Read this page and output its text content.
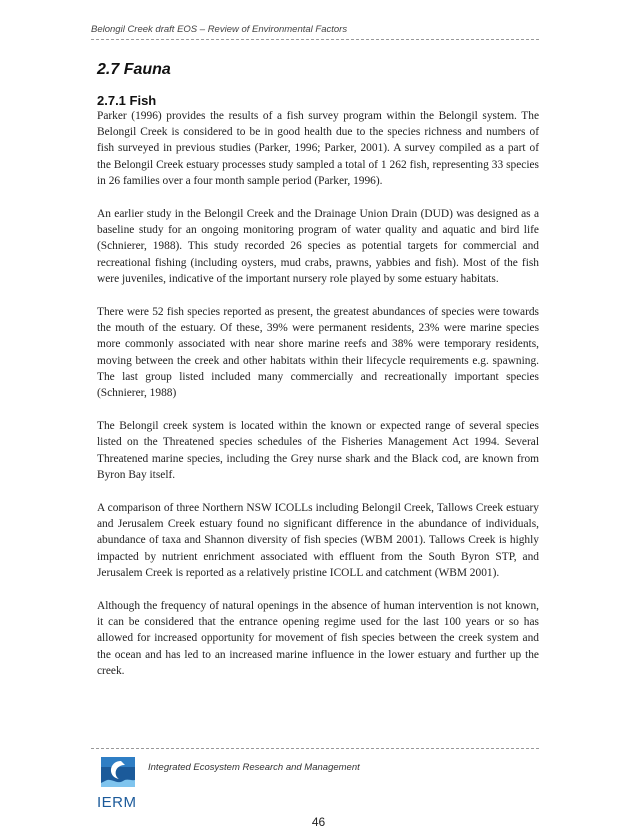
Belongil Creek draft EOS – Review of Environmental Factors
2.7 Fauna
2.7.1 Fish

Parker (1996) provides the results of a fish survey program within the Belongil system. The Belongil Creek is considered to be in good health due to the species richness and numbers of fish surveyed in previous studies (Parker, 1996; Parker, 2001). A survey compiled as a part of the Belongil Creek estuary processes study sampled a total of 1 262 fish, representing 33 species in 26 families over a four month sample period (Parker, 1996).

An earlier study in the Belongil Creek and the Drainage Union Drain (DUD) was designed as a baseline study for an ongoing monitoring program of water quality and aquatic and bird life (Schnierer, 1988). This study recorded 26 species as potential targets for commercial and recreational fishing (including oysters, mud crabs, prawns, yabbies and fish). Most of the fish were juveniles, indicative of the important nursery role played by some estuary habitats.

There were 52 fish species reported as present, the greatest abundances of species were towards the mouth of the estuary. Of these, 39% were permanent residents, 23% were marine species more commonly associated with near shore marine reefs and 38% were temporary residents, moving between the creek and other habitats within their lifecycle requirements e.g. spawning. The last group listed included many commercially and recreationally important species (Schnierer, 1988)

The Belongil creek system is located within the known or expected range of several species listed on the Threatened species schedules of the Fisheries Management Act 1994. Several Threatened marine species, including the Grey nurse shark and the Black cod, are known from Byron Bay itself.

A comparison of three Northern NSW ICOLLs including Belongil Creek, Tallows Creek estuary and Jerusalem Creek estuary found no significant difference in the abundance of individuals, abundance of taxa and Shannon diversity of fish species (WBM 2001). Tallows Creek is highly impacted by nutrient enrichment associated with effluent from the South Byron STP, and Jerusalem Creek is reported as a relatively pristine ICOLL and catchment (WBM 2001).

Although the frequency of natural openings in the absence of human intervention is not known, it can be considered that the entrance opening regime used for the last 100 years or so has allowed for increased opportunity for movement of fish species between the creek system and the ocean and has led to an increased marine influence in the lower estuary and further up the creek.

IERM
Integrated Ecosystem Research and Management
46
